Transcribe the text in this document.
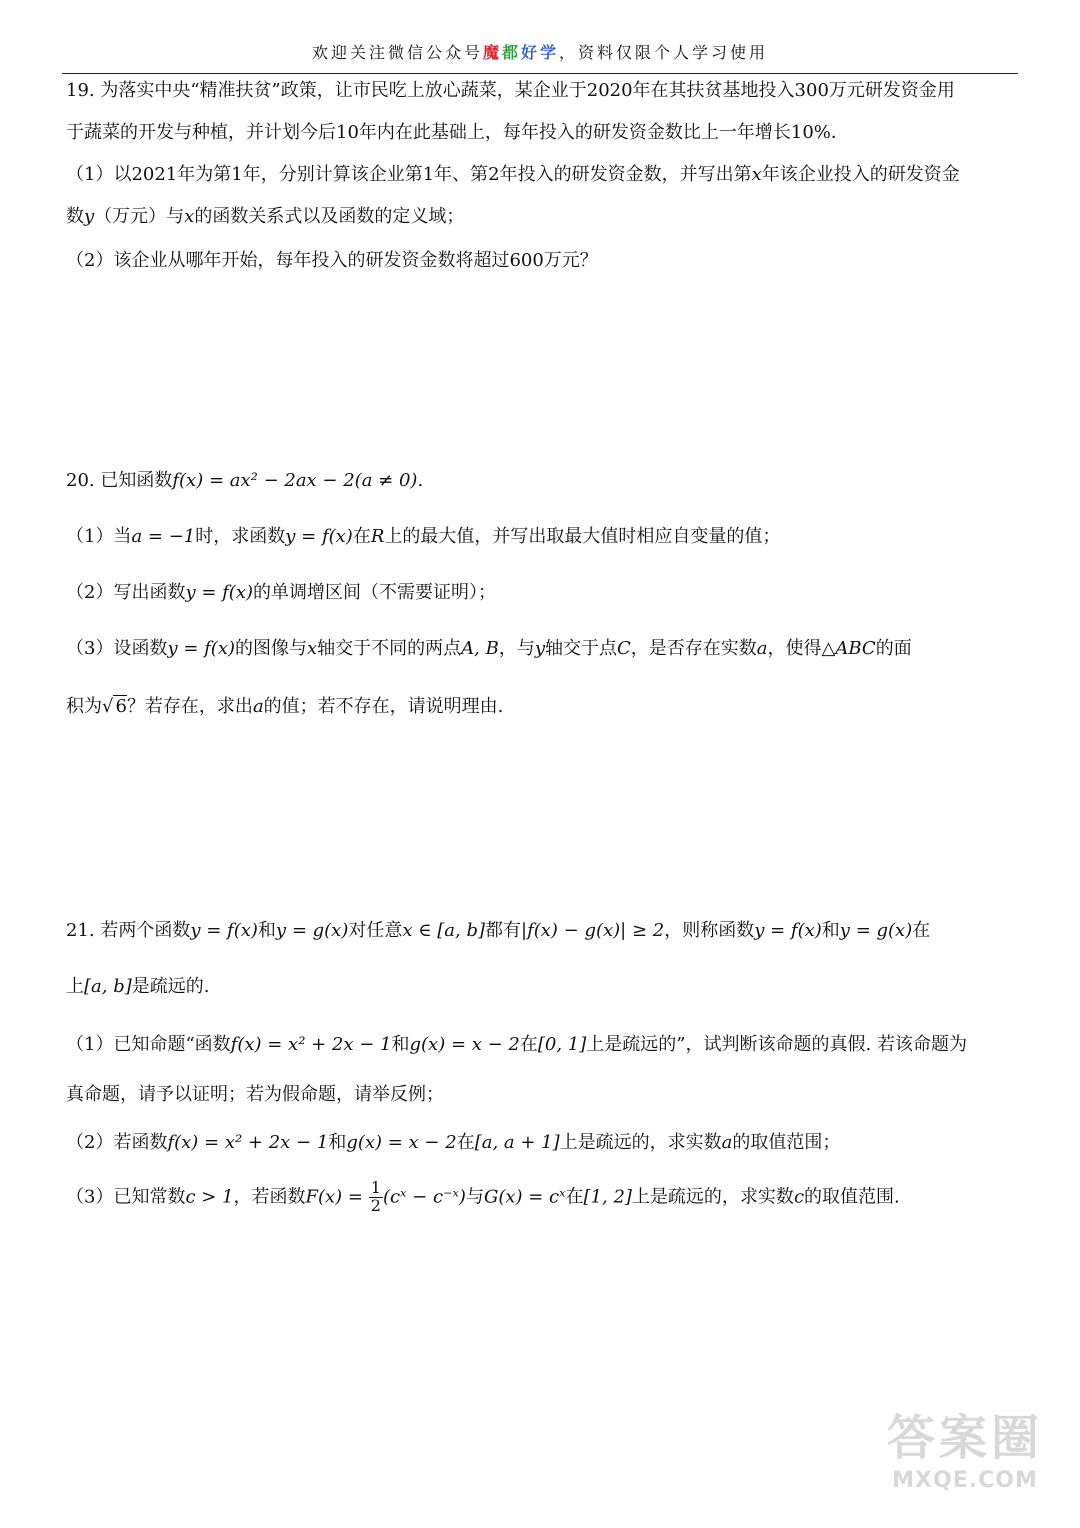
欢迎关注微信公众号魔都好学，资料仅限个人学习使用
19. 为落实中央“精准扶贫”政策，让市民吃上放心蔬菜，某企业于2020年在其扶贫基地投入300万元研发资金用
于蔬菜的开发与种植，并计划今后10年内在此基础上，每年投入的研发资金数比上一年增长10%．
（1）以2021年为第1年，分别计算该企业第1年、第2年投入的研发资金数，并写出第x年该企业投入的研发资金
数y（万元）与x的函数关系式以及函数的定义域；
（2）该企业从哪年开始，每年投入的研发资金数将超过600万元？
20. 已知函数f(x) = ax² − 2ax − 2(a ≠ 0).
（1）当a = −1时，求函数y = f(x)在R上的最大值，并写出取最大值时相应自变量的值；
（2）写出函数y = f(x)的单调增区间（不需要证明）；
（3）设函数y = f(x)的图像与x轴交于不同的两点A, B，与y轴交于点C，是否存在实数a，使得△ABC的面
积为√ 6？若存在，求出a的值；若不存在，请说明理由.
21. 若两个函数y = f(x)和y = g(x)对任意x ∈ [a, b]都有|f(x) − g(x)| ≥ 2，则称函数y = f(x)和y = g(x)在
上[a, b]是疏远的.
（1）已知命题“函数f(x) = x² + 2x − 1和g(x) = x − 2在[0, 1]上是疏远的”，试判断该命题的真假. 若该命题为
真命题，请予以证明；若为假命题，请举反例；
（2）若函数f(x) = x² + 2x − 1和g(x) = x − 2在[a, a + 1]上是疏远的，求实数a的取值范围；
（3）已知常数c > 1，若函数$F(x) = \frac{1}{2}$ (cˣ − c⁻ˣ)与G(x) = cˣ在[1, 2]上是疏远的，求实数c的取值范围.
答案圈
MXQE.COM
